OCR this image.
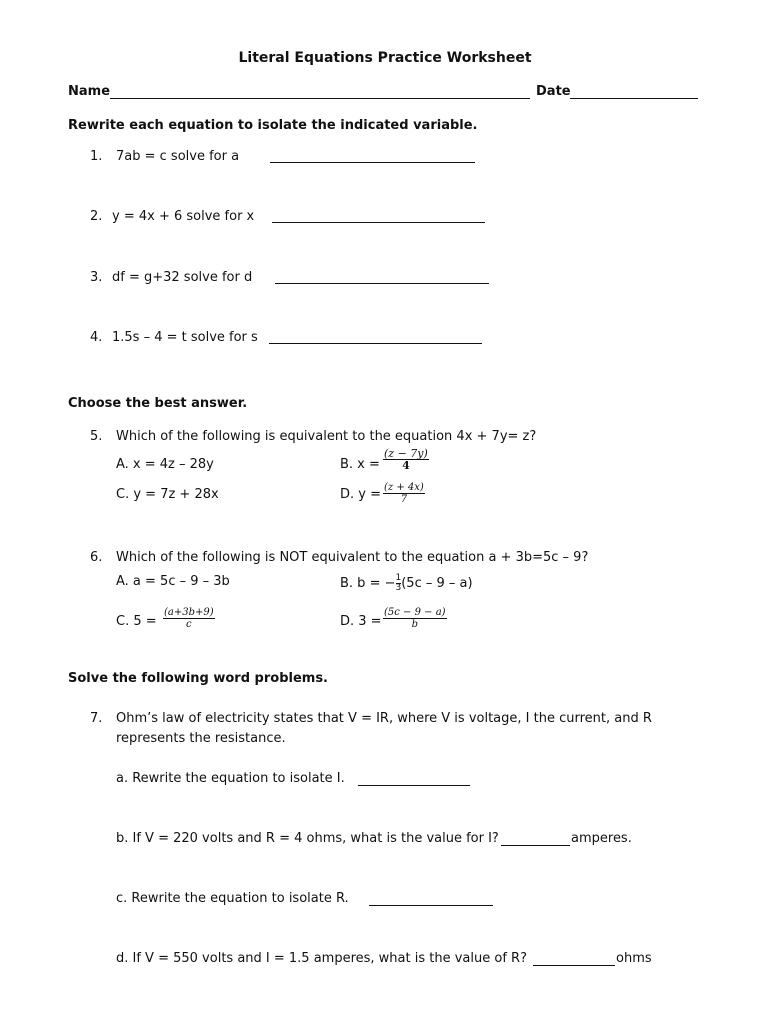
Literal Equations Practice Worksheet
Name	Date
Rewrite each equation to isolate the indicated variable.
1. 7ab = c solve for a
2. y = 4x + 6 solve for x
3. df = g+32 solve for d
4. 1.5s – 4 = t solve for s
Choose the best answer.
5. Which of the following is equivalent to the equation 4x + 7y= z?
A. x = 4z – 28y	B. x =
(z − 7y)
4
C. y = 7z + 28x	D. y = (z + 4x)
7
6. Which of the following is NOT equivalent to the equation a + 3b=5c – 9?
A. a = 5c – 9 – 3b	B. b = − $\frac{1}{3} (5c - 9 - a)$
C. 5 =
(a+3b+9)
c	D. 3 =
(5c − 9 − a)
b
Solve the following word problems.
7. Ohm’s law of electricity states that V = IR, where V is voltage, I the current, and R
represents the resistance.
a. Rewrite the equation to isolate I.
b. If V = 220 volts and R = 4 ohms, what is the value for I?	amperes.
c. Rewrite the equation to isolate R.
d. If V = 550 volts and I = 1.5 amperes, what is the value of R?	ohms
